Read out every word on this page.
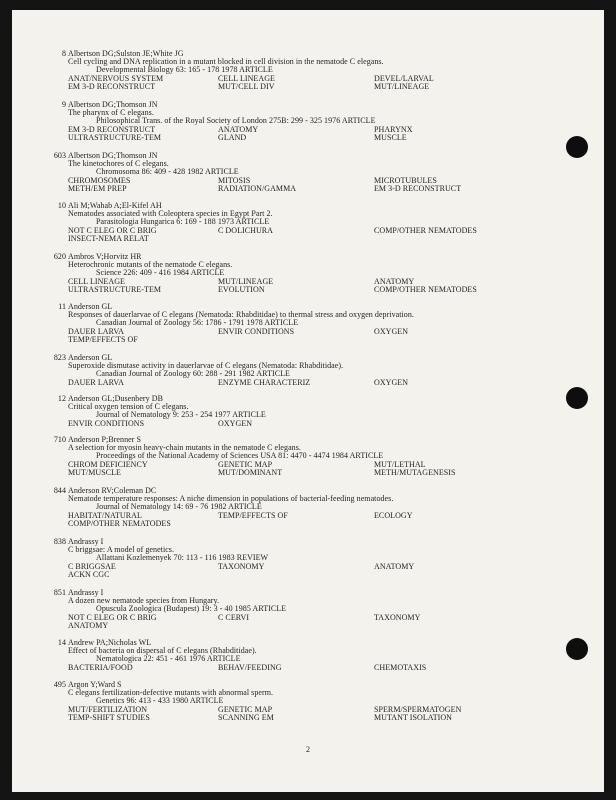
8 Albertson DG;Sulston JE;White JG
Cell cycling and DNA replication in a mutant blocked in cell division in the nematode C elegans.
Developmental Biology 63: 165 - 178 1978 ARTICLE
ANAT/NERVOUS SYSTEM	CELL LINEAGE	DEVEL/LARVAL
EM 3-D RECONSTRUCT	MUT/CELL DIV	MUT/LINEAGE
9 Albertson DG;Thomson JN
The pharynx of C elegans.
Philosophical Trans. of the Royal Society of London 275B: 299 - 325 1976 ARTICLE
EM 3-D RECONSTRUCT	ANATOMY	PHARYNX
ULTRASTRUCTURE-TEM	GLAND	MUSCLE
603 Albertson DG;Thomson JN
The kinetochores of C elegans.
Chromosoma 86: 409 - 428 1982 ARTICLE
CHROMOSOMES	MITOSIS	MICROTUBULES
METH/EM PREP	RADIATION/GAMMA	EM 3-D RECONSTRUCT
10 Ali M;Wahab A;El-Kifel AH
Nematodes associated with Coleoptera species in Egypt Part 2.
Parasitologia Hungarica 6: 169 - 188 1973 ARTICLE
NOT C ELEG OR C BRIG	C DOLICHURA	COMP/OTHER NEMATODES
INSECT-NEMA RELAT
620 Ambros V;Horvitz HR
Heterochronic mutants of the nematode C elegans.
Science 226: 409 - 416 1984 ARTICLE
CELL LINEAGE	MUT/LINEAGE	ANATOMY
ULTRASTRUCTURE-TEM	EVOLUTION	COMP/OTHER NEMATODES
11 Anderson GL
Responses of dauerlarvae of C elegans (Nematoda: Rhabditidae) to thermal stress and oxygen deprivation.
Canadian Journal of Zoology 56: 1786 - 1791 1978 ARTICLE
DAUER LARVA	ENVIR CONDITIONS	OXYGEN
TEMP/EFFECTS OF
823 Anderson GL
Superoxide dismutase activity in dauerlarvae of C elegans (Nematoda: Rhabditidae).
Canadian Journal of Zoology 60: 288 - 291 1982 ARTICLE
DAUER LARVA	ENZYME CHARACTERIZ	OXYGEN
12 Anderson GL;Dusenbery DB
Critical oxygen tension of C elegans.
Journal of Nematology 9: 253 - 254 1977 ARTICLE
ENVIR CONDITIONS	OXYGEN
710 Anderson P;Brenner S
A selection for myosin heavy-chain mutants in the nematode C elegans.
Proceedings of the National Academy of Sciences USA 81: 4470 - 4474 1984 ARTICLE
CHROM DEFICIENCY	GENETIC MAP	MUT/LETHAL
MUT/MUSCLE	MUT/DOMINANT	METH/MUTAGENESIS
844 Anderson RV;Coleman DC
Nematode temperature responses: A niche dimension in populations of bacterial-feeding nematodes.
Journal of Nematology 14: 69 - 76 1982 ARTICLE
HABITAT/NATURAL	TEMP/EFFECTS OF	ECOLOGY
COMP/OTHER NEMATODES
838 Andrassy I
C briggsae: A model of genetics.
Allattani Kozlemenyek 70: 113 - 116 1983 REVIEW
C BRIGGSAE	TAXONOMY	ANATOMY
ACKN CGC
851 Andrassy I
A dozen new nematode species from Hungary.
Opuscula Zoologica (Budapest) 19: 3 - 40 1985 ARTICLE
NOT C ELEG OR C BRIG	C CERVI	TAXONOMY
ANATOMY
14 Andrew PA;Nicholas WL
Effect of bacteria on dispersal of C elegans (Rhabditidae).
Nematologica 22: 451 - 461 1976 ARTICLE
BACTERIA/FOOD	BEHAV/FEEDING	CHEMOTAXIS
495 Argon Y;Ward S
C elegans fertilization-defective mutants with abnormal sperm.
Genetics 96: 413 - 433 1980 ARTICLE
MUT/FERTILIZATION	GENETIC MAP	SPERM/SPERMATOGEN
TEMP-SHIFT STUDIES	SCANNING EM	MUTANT ISOLATION
2
